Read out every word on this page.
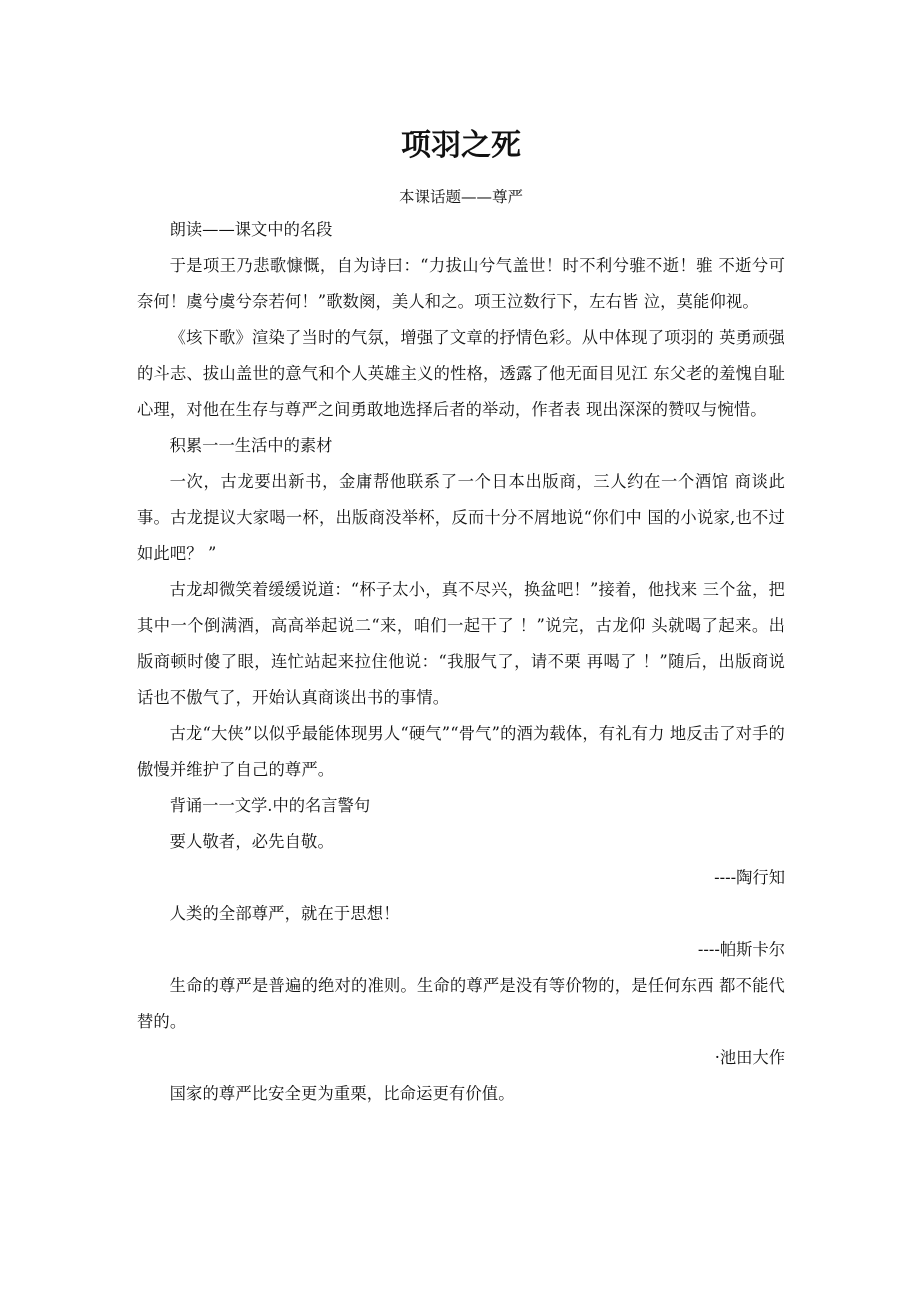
项羽之死

本课话题——尊严

朗读——课文中的名段

于是项王乃悲歌慷慨，自为诗曰：“力拔山兮气盖世！时不利兮骓不逝！骓 不逝兮可奈何！虞兮虞兮奈若何！”歌数阕，美人和之。项王泣数行下，左右皆 泣，莫能仰视。

《垓下歌》渲染了当时的气氛，增强了文章的抒情色彩。从中体现了项羽的 英勇顽强的斗志、拔山盖世的意气和个人英雄主义的性格，透露了他无面目见江 东父老的羞愧自耻心理，对他在生存与尊严之间勇敢地选择后者的举动，作者表 现出深深的赞叹与惋惜。

积累一一生活中的素材

一次，古龙要出新书，金庸帮他联系了一个日本出版商，三人约在一个酒馆 商谈此事。古龙提议大家喝一杯，出版商没举杯，反而十分不屑地说“你们中 国的小说家,也不过如此吧？ ”

古龙却微笑着缓缓说道：“杯子太小，真不尽兴，换盆吧！”接着，他找来 三个盆，把其中一个倒满酒，高高举起说二“来，咱们一起干了 ！”说完，古龙仰 头就喝了起来。出版商顿时傻了眼，连忙站起来拉住他说：“我服气了，请不栗 再喝了 ！”随后，出版商说话也不傲气了，开始认真商谈出书的事情。

古龙“大侠”以似乎最能体现男人“硬气”“骨气”的酒为载体，有礼有力 地反击了对手的傲慢并维护了自己的尊严。

背诵一一文学.中的名言警句

要人敬者，必先自敬。

----陶行知

人类的全部尊严，就在于思想！

----帕斯卡尔

生命的尊严是普遍的绝对的准则。生命的尊严是没有等价物的，是任何东西 都不能代替的。

·池田大作

国家的尊严比安全更为重栗，比命运更有价值。
